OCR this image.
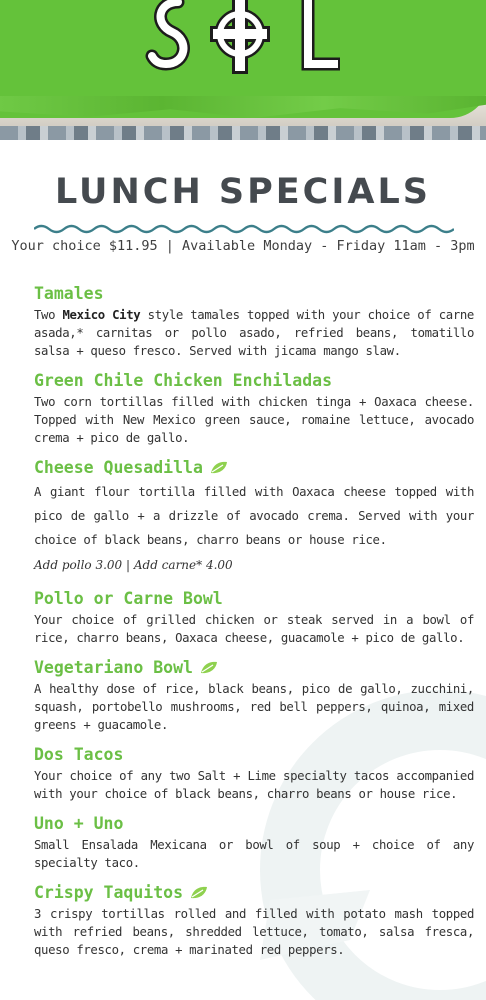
LUNCH SPECIALS
Your choice $11.95 | Available Monday - Friday 11am - 3pm
Tamales
Two Mexico City style tamales topped with your choice of carne asada,* carnitas or pollo asado, refried beans, tomatillo salsa + queso fresco. Served with jicama mango slaw.
Green Chile Chicken Enchiladas
Two corn tortillas filled with chicken tinga + Oaxaca cheese. Topped with New Mexico green sauce, romaine lettuce, avocado crema + pico de gallo.
Cheese Quesadilla
A giant flour tortilla filled with Oaxaca cheese topped with pico de gallo + a drizzle of avocado crema. Served with your choice of black beans, charro beans or house rice.
Add pollo 3.00 | Add carne* 4.00
Pollo or Carne Bowl
Your choice of grilled chicken or steak served in a bowl of rice, charro beans, Oaxaca cheese, guacamole + pico de gallo.
Vegetariano Bowl
A healthy dose of rice, black beans, pico de gallo, zucchini, squash, portobello mushrooms, red bell peppers, quinoa, mixed greens + guacamole.
Dos Tacos
Your choice of any two Salt + Lime specialty tacos accompanied with your choice of black beans, charro beans or house rice.
Uno + Uno
Small Ensalada Mexicana or bowl of soup + choice of any specialty taco.
Crispy Taquitos
3 crispy tortillas rolled and filled with potato mash topped with refried beans, shredded lettuce, tomato, salsa fresca, queso fresco, crema + marinated red peppers.
